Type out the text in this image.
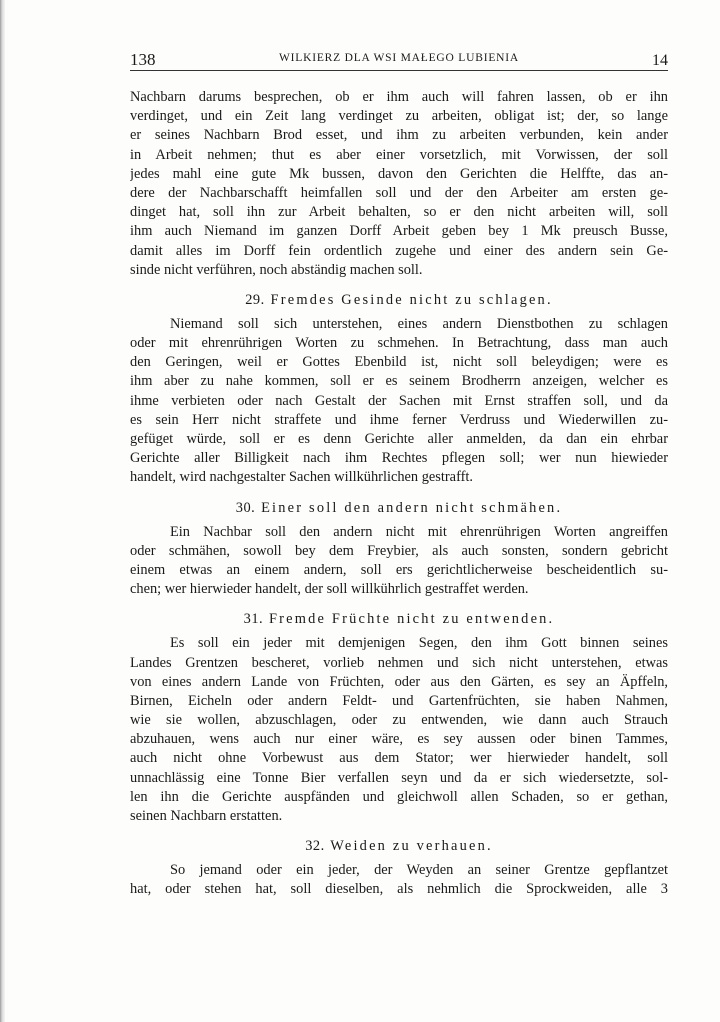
138	WILKIERZ DLA WSI MAŁEGO LUBIENIA	14
Nachbarn darums besprechen, ob er ihm auch will fahren lassen, ob er ihn
verdinget, und ein Zeit lang verdinget zu arbeiten, obligat ist; der, so lange
er seines Nachbarn Brod esset, und ihm zu arbeiten verbunden, kein ander
in Arbeit nehmen; thut es aber einer vorsetzlich, mit Vorwissen, der soll
jedes mahl eine gute Mk bussen, davon den Gerichten die Helffte, das an-
dere der Nachbarschafft heimfallen soll und der den Arbeiter am ersten ge-
dinget hat, soll ihn zur Arbeit behalten, so er den nicht arbeiten will, soll
ihm auch Niemand im ganzen Dorff Arbeit geben bey 1 Mk preusch Busse,
damit alles im Dorff fein ordentlich zugehe und einer des andern sein Ge-
sinde nicht verführen, noch abständig machen soll.
29. Fremdes Gesinde nicht zu schlagen.
Niemand soll sich unterstehen, eines andern Dienstbothen zu schlagen
oder mit ehrenrührigen Worten zu schmehen. In Betrachtung, dass man auch
den Geringen, weil er Gottes Ebenbild ist, nicht soll beleydigen; were es
ihm aber zu nahe kommen, soll er es seinem Brodherrn anzeigen, welcher es
ihme verbieten oder nach Gestalt der Sachen mit Ernst straffen soll, und da
es sein Herr nicht straffete und ihme ferner Verdruss und Wiederwillen zu-
gefüget würde, soll er es denn Gerichte aller anmelden, da dan ein ehrbar
Gerichte aller Billigkeit nach ihm Rechtes pflegen soll; wer nun hiewieder
handelt, wird nachgestalter Sachen willkührlichen gestrafft.
30. Einer soll den andern nicht schmähen.
Ein Nachbar soll den andern nicht mit ehrenrührigen Worten angreiffen
oder schmähen, sowoll bey dem Freybier, als auch sonsten, sondern gebricht
einem etwas an einem andern, soll ers gerichtlicherweise bescheidentlich su-
chen; wer hierwieder handelt, der soll willkührlich gestraffet werden.
31. Fremde Früchte nicht zu entwenden.
Es soll ein jeder mit demjenigen Segen, den ihm Gott binnen seines
Landes Grentzen bescheret, vorlieb nehmen und sich nicht unterstehen, etwas
von eines andern Lande von Früchten, oder aus den Gärten, es sey an Äpffeln,
Birnen, Eicheln oder andern Feldt- und Gartenfrüchten, sie haben Nahmen,
wie sie wollen, abzuschlagen, oder zu entwenden, wie dann auch Strauch
abzuhauen, wens auch nur einer wäre, es sey aussen oder binen Tammes,
auch nicht ohne Vorbewust aus dem Stator; wer hierwieder handelt, soll
unnachlässig eine Tonne Bier verfallen seyn und da er sich wiedersetzte, sol-
len ihn die Gerichte auspfänden und gleichwoll allen Schaden, so er gethan,
seinen Nachbarn erstatten.
32. Weiden zu verhauen.
So jemand oder ein jeder, der Weyden an seiner Grentze gepflantzet
hat, oder stehen hat, soll dieselben, als nehmlich die Sprockweiden, alle 3
